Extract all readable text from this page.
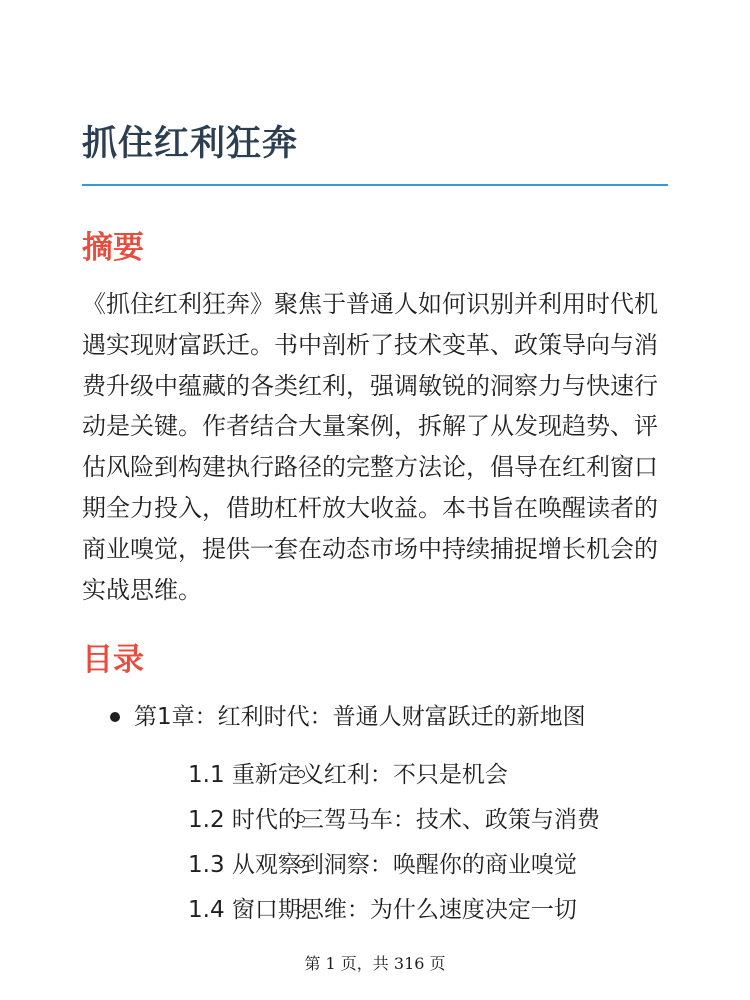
抓住红利狂奔
摘要

《抓住红利狂奔》聚焦于普通人如何识别并利用时代机遇实现财富跃迁。书中剖析了技术变革、政策导向与消费升级中蕴藏的各类红利，强调敏锐的洞察力与快速行动是关键。作者结合大量案例，拆解了从发现趋势、评估风险到构建执行路径的完整方法论，倡导在红利窗口期全力投入，借助杠杆放大收益。本书旨在唤醒读者的商业嗅觉，提供一套在动态市场中持续捕捉增长机会的实战思维。

目录
第1章：红利时代：普通人财富跃迁的新地图
1.1 重新定义红利：不只是机会
1.2 时代的三驾马车：技术、政策与消费
1.3 从观察到洞察：唤醒你的商业嗅觉
1.4 窗口期思维：为什么速度决定一切
第 1 页，共 316 页
